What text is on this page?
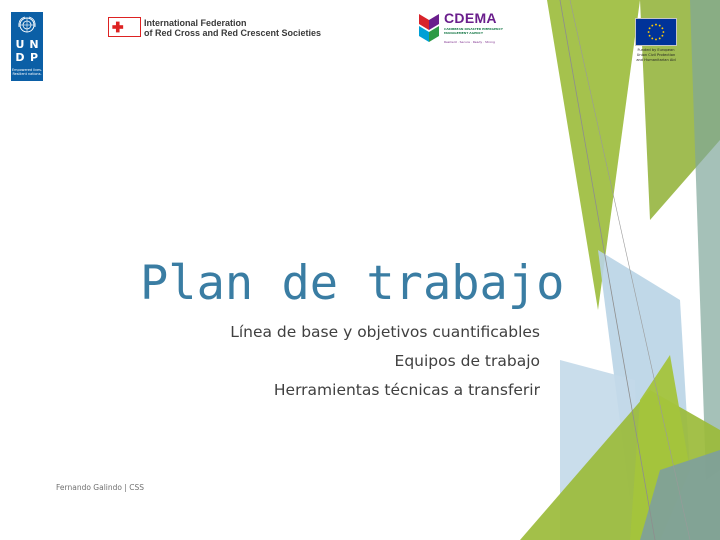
U N
D P
Empowered lives. Resilient nations.
International Federation
of Red Cross and Red Crescent Societies
CDEMA
CARIBBEAN DISASTER EMERGENCY MANAGEMENT AGENCY
Resilient · Secure · Ready · Strong
Funded by European Union Civil Protection and Humanitarian Aid
Plan de trabajo
Línea de base y objetivos cuantificables
Equipos de trabajo
Herramientas técnicas a transferir
Fernando Galindo | CSS
